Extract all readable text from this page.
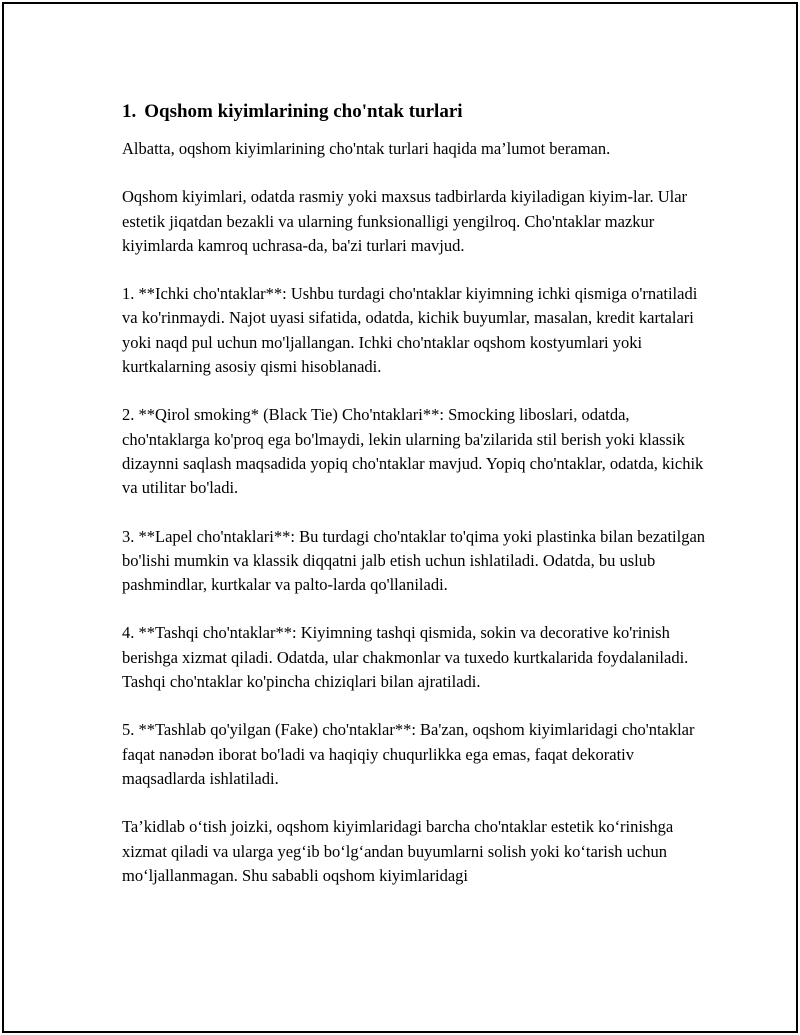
1. Oqshom kiyimlarining cho'ntak turlari

Albatta, oqshom kiyimlarining cho'ntak turlari haqida ma’lumot beraman.

Oqshom kiyimlari, odatda rasmiy yoki maxsus tadbirlarda kiyiladigan kiyim-lar. Ular estetik jiqatdan bezakli va ularning funksionalligi yengilroq. Cho'ntaklar mazkur kiyimlarda kamroq uchrasa-da, ba'zi turlari mavjud.

1. **Ichki cho'ntaklar**: Ushbu turdagi cho'ntaklar kiyimning ichki qismiga o'rnatiladi va ko'rinmaydi. Najot uyasi sifatida, odatda, kichik buyumlar, masalan, kredit kartalari yoki naqd pul uchun mo'ljallangan. Ichki cho'ntaklar oqshom kostyumlari yoki kurtkalarning asosiy qismi hisoblanadi.

2. **Qirol smoking* (Black Tie) Cho'ntaklari**: Smocking liboslari, odatda, cho'ntaklarga ko'proq ega bo'lmaydi, lekin ularning ba'zilarida stil berish yoki klassik dizaynni saqlash maqsadida yopiq cho'ntaklar mavjud. Yopiq cho'ntaklar, odatda, kichik va utilitar bo'ladi.

3. **Lapel cho'ntaklari**: Bu turdagi cho'ntaklar to'qima yoki plastinka bilan bezatilgan bo'lishi mumkin va klassik diqqatni jalb etish uchun ishlatiladi. Odatda, bu uslub pashmindlar, kurtkalar va palto-larda qo'llaniladi.

4. **Tashqi cho'ntaklar**: Kiyimning tashqi qismida, sokin va decorative ko'rinish berishga xizmat qiladi. Odatda, ular chakmonlar va tuxedo kurtkalarida foydalaniladi. Tashqi cho'ntaklar ko'pincha chiziqlari bilan ajratiladi.

5. **Tashlab qo'yilgan (Fake) cho'ntaklar**: Ba'zan, oqshom kiyimlaridagi cho'ntaklar faqat nanədən iborat bo'ladi va haqiqiy chuqurlikka ega emas, faqat dekorativ maqsadlarda ishlatiladi.

Ta’kidlab o‘tish joizki, oqshom kiyimlaridagi barcha cho'ntaklar estetik ko‘rinishga xizmat qiladi va ularga yeg‘ib bo‘lg‘andan buyumlarni solish yoki ko‘tarish uchun mo‘ljallanmagan. Shu sababli oqshom kiyimlaridagi
